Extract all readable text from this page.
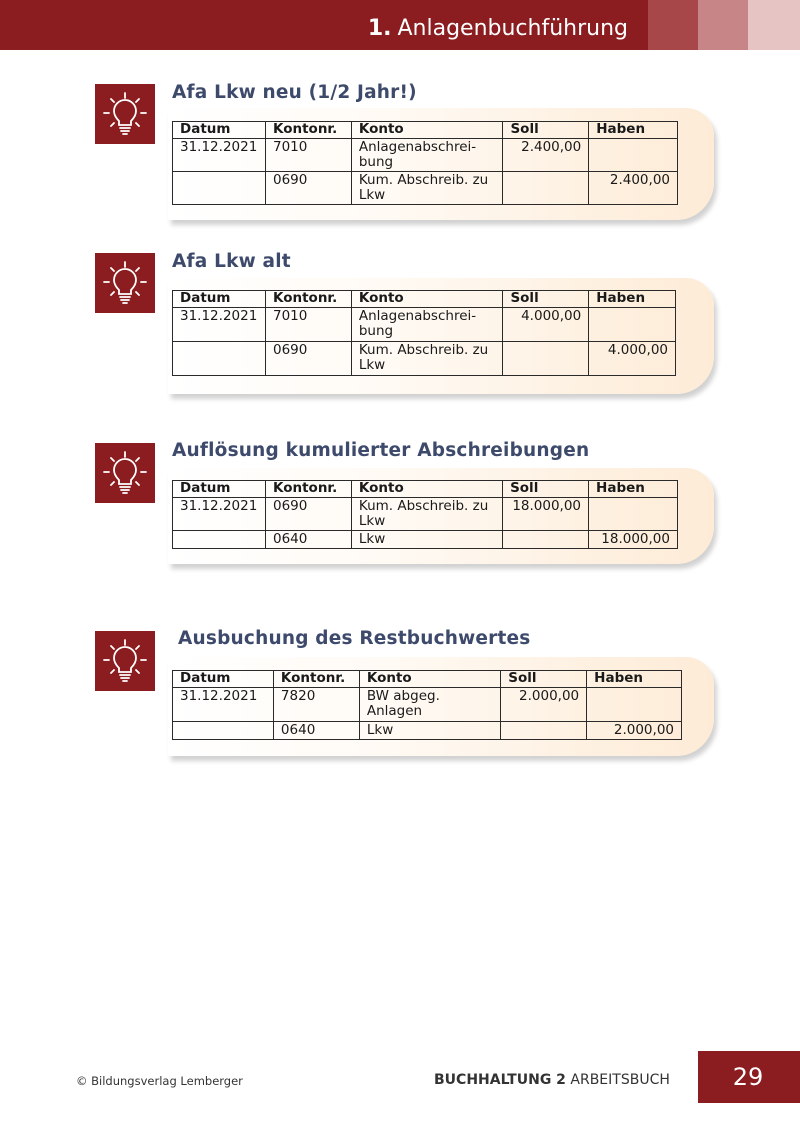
1. Anlagenbuchführung
Afa Lkw neu (1/2 Jahr!)
Datum	Kontonr.	Konto	Soll	Haben
31.12.2021	7010	Anlagenabschrei-bung	2.400,00	
	0690	Kum. Abschreib. zu Lkw		2.400,00
Afa Lkw alt
Datum	Kontonr.	Konto	Soll	Haben
31.12.2021	7010	Anlagenabschrei-bung	4.000,00	
	0690	Kum. Abschreib. zu Lkw		4.000,00
Auflösung kumulierter Abschreibungen
Datum	Kontonr.	Konto	Soll	Haben
31.12.2021	0690	Kum. Abschreib. zu Lkw	18.000,00	
	0640	Lkw		18.000,00
Ausbuchung des Restbuchwertes
Datum	Kontonr.	Konto	Soll	Haben
31.12.2021	7820	BW abgeg. Anlagen	2.000,00	
	0640	Lkw		2.000,00
© Bildungsverlag Lemberger	BUCHHALTUNG 2 ARBEITSBUCH	29
